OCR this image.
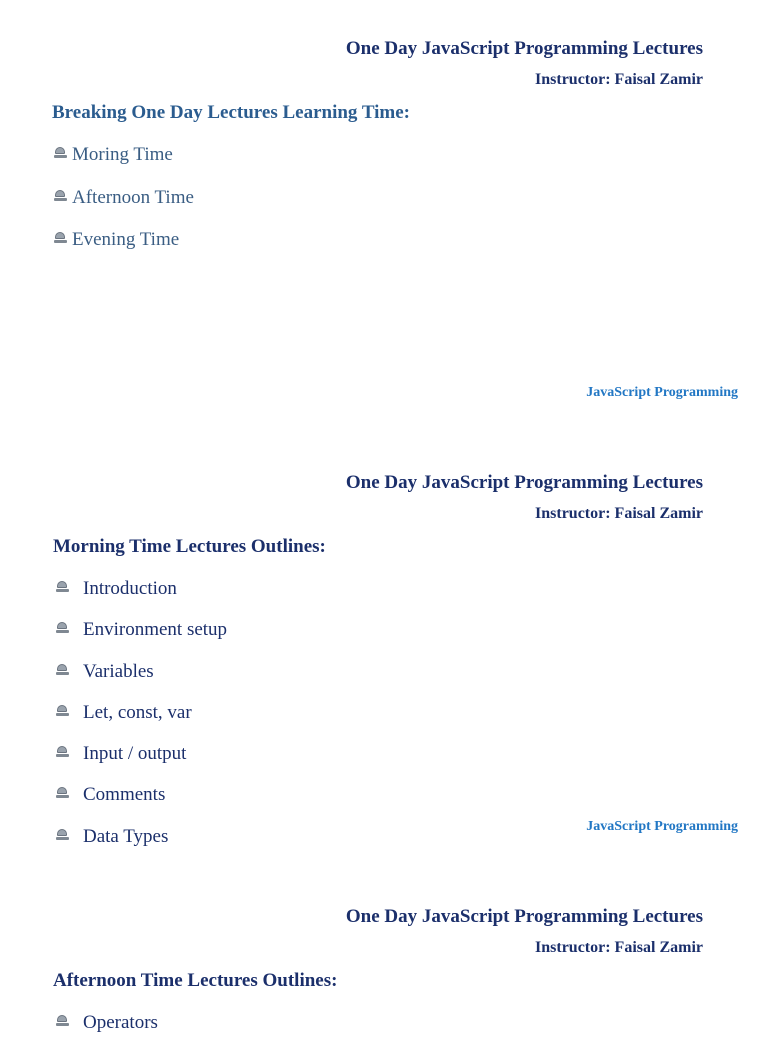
One Day JavaScript Programming Lectures
Instructor: Faisal Zamir
Breaking One Day Lectures Learning Time:
Moring Time
Afternoon Time
Evening Time
JavaScript Programming
One Day JavaScript Programming Lectures
Instructor: Faisal Zamir
Morning Time Lectures Outlines:
Introduction
Environment setup
Variables
Let, const, var
Input / output
Comments
Data Types	JavaScript Programming
One Day JavaScript Programming Lectures
Instructor: Faisal Zamir
Afternoon Time Lectures Outlines:
Operators
